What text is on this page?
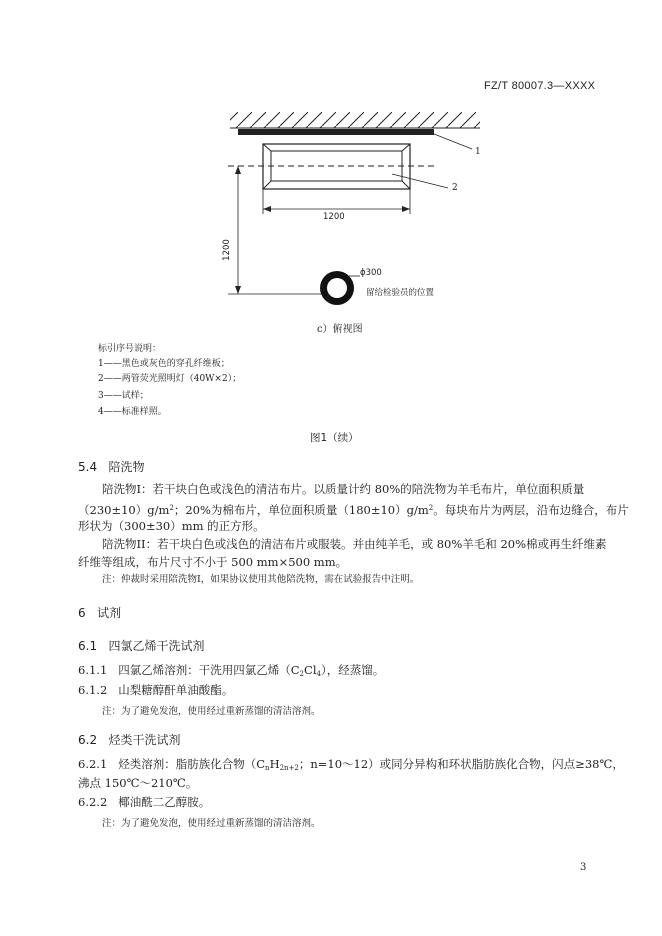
FZ/T 80007.3—XXXX
1
2
1200
1200
ϕ300
留给检验员的位置
c）俯视图
标引序号说明：
1——黑色或灰色的穿孔纤维板；
2——两管荧光照明灯（40W×2）；
3——试样；
4——标准样照。
图1（续）
5.4 陪洗物
陪洗物I：若干块白色或浅色的清洁布片。以质量计约 80%的陪洗物为羊毛布片，单位面积质量
$(230\pm 10)g/m^2$；20%为棉布片，单位面积质量$(180\pm 10)g/m^2$。每块布片为两层，沿布边缝合，布片
形状为（300±30）mm 的正方形。
陪洗物II：若干块白色或浅色的清洁布片或服装。并由纯羊毛，或 80%羊毛和 20%棉或再生纤维素
纤维等组成，布片尺寸不小于 500 mm×500 mm。
注：仲裁时采用陪洗物I，如果协议使用其他陪洗物，需在试验报告中注明。
6 试剂
6.1 四氯乙烯干洗试剂
6.1.1 四氯乙烯溶剂：干洗用四氯乙烯$(C_2Cl_4)$，经蒸馏。
6.1.2 山梨糖醇酐单油酸酯。
注：为了避免发泡，使用经过重新蒸馏的清洁溶剂。
6.2 烃类干洗试剂
6.2.1 烃类溶剂：脂肪族化合物（$C_nH_{2n+2}$；n=10～12）或同分异构和环状脂肪族化合物，闪点≥38℃，
沸点 150℃～210℃。
6.2.2 椰油酰二乙醇胺。
注：为了避免发泡，使用经过重新蒸馏的清洁溶剂。
3
